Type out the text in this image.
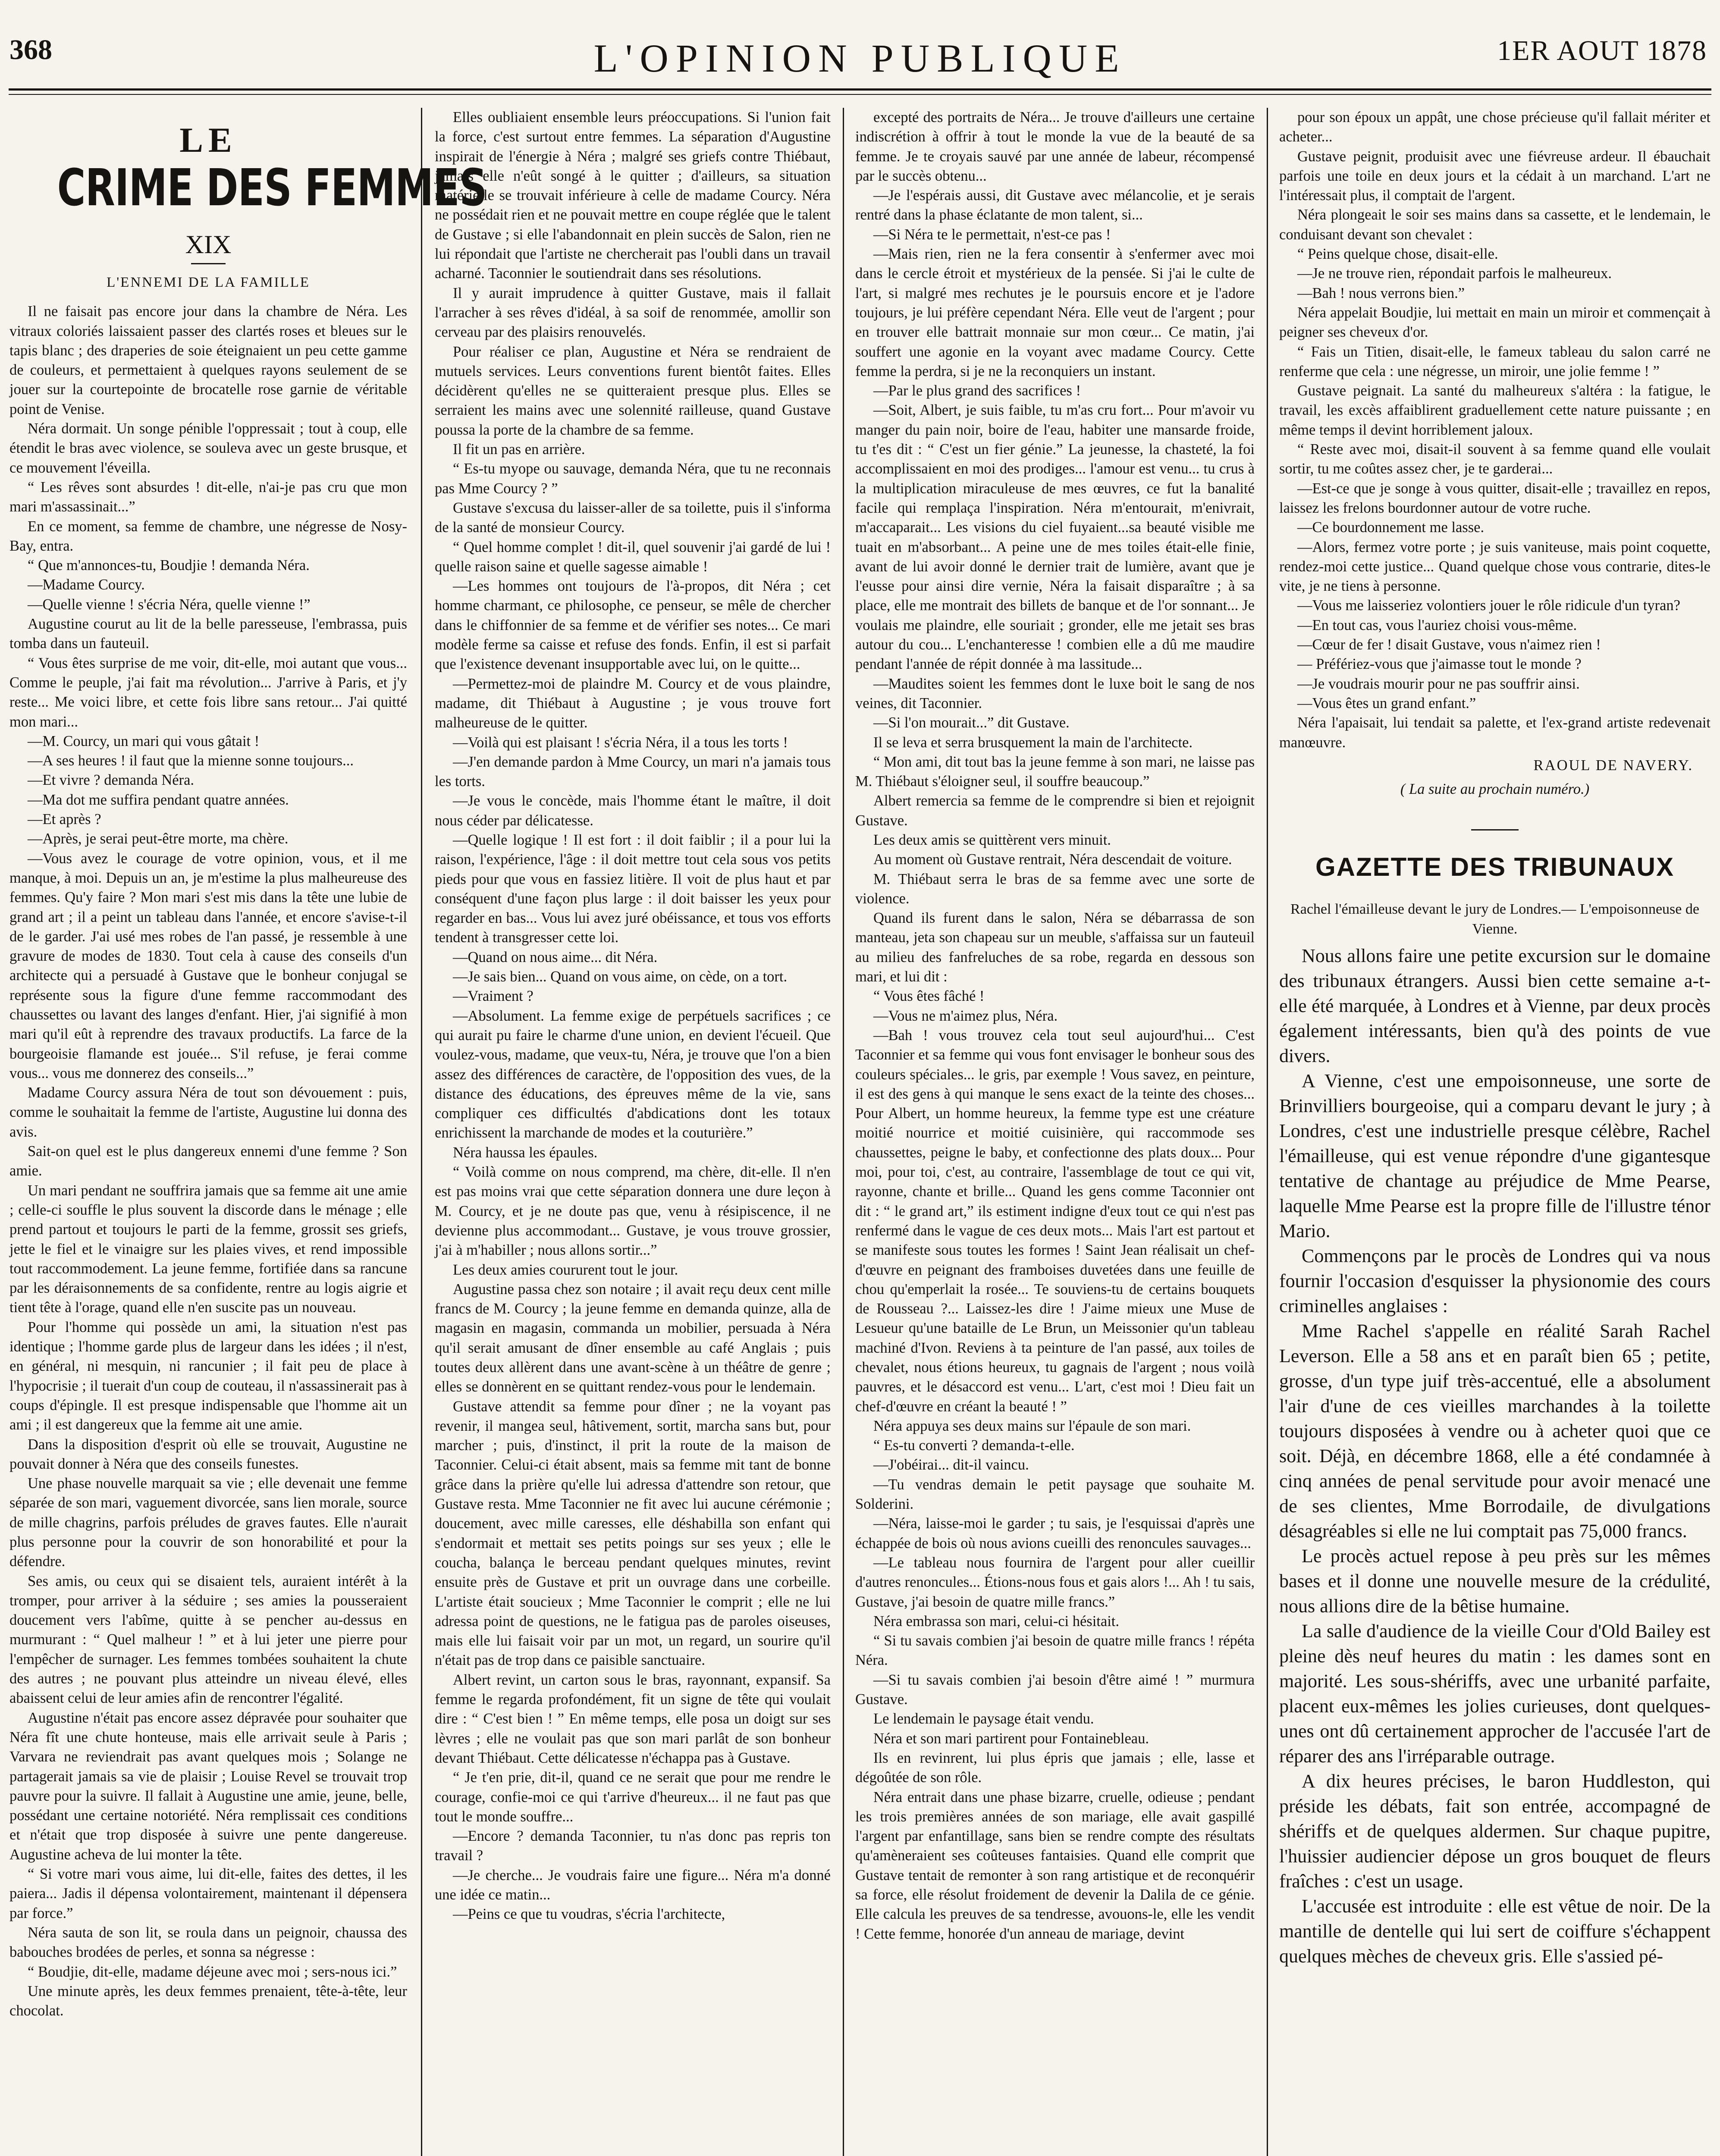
368	L'OPINION PUBLIQUE	1ER AOUT 1878
LE
CRIME DES FEMMES
XIX
L'ENNEMI DE LA FAMILLE

Il ne faisait pas encore jour dans la chambre de Néra. Les vitraux coloriés laissaient passer des clartés roses et bleues sur le tapis blanc ; des draperies de soie éteignaient un peu cette gamme de couleurs, et permettaient à quelques rayons seulement de se jouer sur la courtepointe de brocatelle rose garnie de véritable point de Venise.

Néra dormait. Un songe pénible l'oppressait ; tout à coup, elle étendit le bras avec violence, se souleva avec un geste brusque, et ce mouvement l'éveilla.

“ Les rêves sont absurdes ! dit-elle, n'ai-je pas cru que mon mari m'assassinait...”

En ce moment, sa femme de chambre, une négresse de Nosy-Bay, entra.

“ Que m'annonces-tu, Boudjie ! demanda Néra.

—Madame Courcy.

—Quelle vienne ! s'écria Néra, quelle vienne !”

Augustine courut au lit de la belle paresseuse, l'embrassa, puis tomba dans un fauteuil.

“ Vous êtes surprise de me voir, dit-elle, moi autant que vous... Comme le peuple, j'ai fait ma révolution... J'arrive à Paris, et j'y reste... Me voici libre, et cette fois libre sans retour... J'ai quitté mon mari...

—M. Courcy, un mari qui vous gâtait !

—A ses heures ! il faut que la mienne sonne toujours...

—Et vivre ? demanda Néra.

—Ma dot me suffira pendant quatre années.

—Et après ?

—Après, je serai peut-être morte, ma chère.

—Vous avez le courage de votre opinion, vous, et il me manque, à moi. Depuis un an, je m'estime la plus malheureuse des femmes. Qu'y faire ? Mon mari s'est mis dans la tête une lubie de grand art ; il a peint un tableau dans l'année, et encore s'avise-t-il de le garder. J'ai usé mes robes de l'an passé, je ressemble à une gravure de modes de 1830. Tout cela à cause des conseils d'un architecte qui a persuadé à Gustave que le bonheur conjugal se représente sous la figure d'une femme raccommodant des chaussettes ou lavant des langes d'enfant. Hier, j'ai signifié à mon mari qu'il eût à reprendre des travaux productifs. La farce de la bourgeoisie flamande est jouée... S'il refuse, je ferai comme vous... vous me donnerez des conseils...”

Madame Courcy assura Néra de tout son dévouement : puis, comme le souhaitait la femme de l'artiste, Augustine lui donna des avis.

Sait-on quel est le plus dangereux ennemi d'une femme ? Son amie.

Un mari pendant ne souffrira jamais que sa femme ait une amie ; celle-ci souffle le plus souvent la discorde dans le ménage ; elle prend partout et toujours le parti de la femme, grossit ses griefs, jette le fiel et le vinaigre sur les plaies vives, et rend impossible tout raccommodement. La jeune femme, fortifiée dans sa rancune par les déraisonnements de sa confidente, rentre au logis aigrie et tient tête à l'orage, quand elle n'en suscite pas un nouveau.

Pour l'homme qui possède un ami, la situation n'est pas identique ; l'homme garde plus de largeur dans les idées ; il n'est, en général, ni mesquin, ni rancunier ; il fait peu de place à l'hypocrisie ; il tuerait d'un coup de couteau, il n'assassinerait pas à coups d'épingle. Il est presque indispensable que l'homme ait un ami ; il est dangereux que la femme ait une amie.

Dans la disposition d'esprit où elle se trouvait, Augustine ne pouvait donner à Néra que des conseils funestes.

Une phase nouvelle marquait sa vie ; elle devenait une femme séparée de son mari, vaguement divorcée, sans lien morale, source de mille chagrins, parfois préludes de graves fautes. Elle n'aurait plus personne pour la couvrir de son honorabilité et pour la défendre.

Ses amis, ou ceux qui se disaient tels, auraient intérêt à la tromper, pour arriver à la séduire ; ses amies la pousseraient doucement vers l'abîme, quitte à se pencher au-dessus en murmurant : “ Quel malheur ! ” et à lui jeter une pierre pour l'empêcher de surnager. Les femmes tombées souhaitent la chute des autres ; ne pouvant plus atteindre un niveau élevé, elles abaissent celui de leur amies afin de rencontrer l'égalité.

Augustine n'était pas encore assez dépravée pour souhaiter que Néra fît une chute honteuse, mais elle arrivait seule à Paris ; Varvara ne reviendrait pas avant quelques mois ; Solange ne partagerait jamais sa vie de plaisir ; Louise Revel se trouvait trop pauvre pour la suivre. Il fallait à Augustine une amie, jeune, belle, possédant une certaine notoriété. Néra remplissait ces conditions et n'était que trop disposée à suivre une pente dangereuse. Augustine acheva de lui monter la tête.

“ Si votre mari vous aime, lui dit-elle, faites des dettes, il les paiera... Jadis il dépensa volontairement, maintenant il dépensera par force.”

Néra sauta de son lit, se roula dans un peignoir, chaussa des babouches brodées de perles, et sonna sa négresse :

“ Boudjie, dit-elle, madame déjeune avec moi ; sers-nous ici.”

Une minute après, les deux femmes prenaient, tête-à-tête, leur chocolat.

Elles oubliaient ensemble leurs préoccupations. Si l'union fait la force, c'est surtout entre femmes. La séparation d'Augustine inspirait de l'énergie à Néra ; malgré ses griefs contre Thiébaut, jamais elle n'eût songé à le quitter ; d'ailleurs, sa situation matérielle se trouvait inférieure à celle de madame Courcy. Néra ne possédait rien et ne pouvait mettre en coupe réglée que le talent de Gustave ; si elle l'abandonnait en plein succès de Salon, rien ne lui répondait que l'artiste ne chercherait pas l'oubli dans un travail acharné. Taconnier le soutiendrait dans ses résolutions.

Il y aurait imprudence à quitter Gustave, mais il fallait l'arracher à ses rêves d'idéal, à sa soif de renommée, amollir son cerveau par des plaisirs renouvelés.

Pour réaliser ce plan, Augustine et Néra se rendraient de mutuels services. Leurs conventions furent bientôt faites. Elles décidèrent qu'elles ne se quitteraient presque plus. Elles se serraient les mains avec une solennité railleuse, quand Gustave poussa la porte de la chambre de sa femme.

Il fit un pas en arrière.

“ Es-tu myope ou sauvage, demanda Néra, que tu ne reconnais pas Mme Courcy ? ”

Gustave s'excusa du laisser-aller de sa toilette, puis il s'informa de la santé de monsieur Courcy.

“ Quel homme complet ! dit-il, quel souvenir j'ai gardé de lui ! quelle raison saine et quelle sagesse aimable !

—Les hommes ont toujours de l'à-propos, dit Néra ; cet homme charmant, ce philosophe, ce penseur, se mêle de chercher dans le chiffonnier de sa femme et de vérifier ses notes... Ce mari modèle ferme sa caisse et refuse des fonds. Enfin, il est si parfait que l'existence devenant insupportable avec lui, on le quitte...

—Permettez-moi de plaindre M. Courcy et de vous plaindre, madame, dit Thiébaut à Augustine ; je vous trouve fort malheureuse de le quitter.

—Voilà qui est plaisant ! s'écria Néra, il a tous les torts !

—J'en demande pardon à Mme Courcy, un mari n'a jamais tous les torts.

—Je vous le concède, mais l'homme étant le maître, il doit nous céder par délicatesse.

—Quelle logique ! Il est fort : il doit faiblir ; il a pour lui la raison, l'expérience, l'âge : il doit mettre tout cela sous vos petits pieds pour que vous en fassiez litière. Il voit de plus haut et par conséquent d'une façon plus large : il doit baisser les yeux pour regarder en bas... Vous lui avez juré obéissance, et tous vos efforts tendent à transgresser cette loi.

—Quand on nous aime... dit Néra.

—Je sais bien... Quand on vous aime, on cède, on a tort.

—Vraiment ?

—Absolument. La femme exige de perpétuels sacrifices ; ce qui aurait pu faire le charme d'une union, en devient l'écueil. Que voulez-vous, madame, que veux-tu, Néra, je trouve que l'on a bien assez des différences de caractère, de l'opposition des vues, de la distance des éducations, des épreuves même de la vie, sans compliquer ces difficultés d'abdications dont les totaux enrichissent la marchande de modes et la couturière.”

Néra haussa les épaules.

“ Voilà comme on nous comprend, ma chère, dit-elle. Il n'en est pas moins vrai que cette séparation donnera une dure leçon à M. Courcy, et je ne doute pas que, venu à résipiscence, il ne devienne plus accommodant... Gustave, je vous trouve grossier, j'ai à m'habiller ; nous allons sortir...”

Les deux amies coururent tout le jour.

Augustine passa chez son notaire ; il avait reçu deux cent mille francs de M. Courcy ; la jeune femme en demanda quinze, alla de magasin en magasin, commanda un mobilier, persuada à Néra qu'il serait amusant de dîner ensemble au café Anglais ; puis toutes deux allèrent dans une avant-scène à un théâtre de genre ; elles se donnèrent en se quittant rendez-vous pour le lendemain.

Gustave attendit sa femme pour dîner ; ne la voyant pas revenir, il mangea seul, hâtivement, sortit, marcha sans but, pour marcher ; puis, d'instinct, il prit la route de la maison de Taconnier. Celui-ci était absent, mais sa femme mit tant de bonne grâce dans la prière qu'elle lui adressa d'attendre son retour, que Gustave resta. Mme Taconnier ne fit avec lui aucune cérémonie ; doucement, avec mille caresses, elle déshabilla son enfant qui s'endormait et mettait ses petits poings sur ses yeux ; elle le coucha, balança le berceau pendant quelques minutes, revint ensuite près de Gustave et prit un ouvrage dans une corbeille. L'artiste était soucieux ; Mme Taconnier le comprit ; elle ne lui adressa point de questions, ne le fatigua pas de paroles oiseuses, mais elle lui faisait voir par un mot, un regard, un sourire qu'il n'était pas de trop dans ce paisible sanctuaire.

Albert revint, un carton sous le bras, rayonnant, expansif. Sa femme le regarda profondément, fit un signe de tête qui voulait dire : “ C'est bien ! ” En même temps, elle posa un doigt sur ses lèvres ; elle ne voulait pas que son mari parlât de son bonheur devant Thiébaut. Cette délicatesse n'échappa pas à Gustave.

“ Je t'en prie, dit-il, quand ce ne serait que pour me rendre le courage, confie-moi ce qui t'arrive d'heureux... il ne faut pas que tout le monde souffre...

—Encore ? demanda Taconnier, tu n'as donc pas repris ton travail ?

—Je cherche... Je voudrais faire une figure... Néra m'a donné une idée ce matin...

—Peins ce que tu voudras, s'écria l'architecte,

excepté des portraits de Néra... Je trouve d'ailleurs une certaine indiscrétion à offrir à tout le monde la vue de la beauté de sa femme. Je te croyais sauvé par une année de labeur, récompensé par le succès obtenu...

—Je l'espérais aussi, dit Gustave avec mélancolie, et je serais rentré dans la phase éclatante de mon talent, si...

—Si Néra te le permettait, n'est-ce pas !

—Mais rien, rien ne la fera consentir à s'enfermer avec moi dans le cercle étroit et mystérieux de la pensée. Si j'ai le culte de l'art, si malgré mes rechutes je le poursuis encore et je l'adore toujours, je lui préfère cependant Néra. Elle veut de l'argent ; pour en trouver elle battrait monnaie sur mon cœur... Ce matin, j'ai souffert une agonie en la voyant avec madame Courcy. Cette femme la perdra, si je ne la reconquiers un instant.

—Par le plus grand des sacrifices !

—Soit, Albert, je suis faible, tu m'as cru fort... Pour m'avoir vu manger du pain noir, boire de l'eau, habiter une mansarde froide, tu t'es dit : “ C'est un fier génie.” La jeunesse, la chasteté, la foi accomplissaient en moi des prodiges... l'amour est venu... tu crus à la multiplication miraculeuse de mes œuvres, ce fut la banalité facile qui remplaça l'inspiration. Néra m'entourait, m'enivrait, m'accaparait... Les visions du ciel fuyaient...sa beauté visible me tuait en m'absorbant... A peine une de mes toiles était-elle finie, avant de lui avoir donné le dernier trait de lumière, avant que je l'eusse pour ainsi dire vernie, Néra la faisait disparaître ; à sa place, elle me montrait des billets de banque et de l'or sonnant... Je voulais me plaindre, elle souriait ; gronder, elle me jetait ses bras autour du cou... L'enchanteresse ! combien elle a dû me maudire pendant l'année de répit donnée à ma lassitude...

—Maudites soient les femmes dont le luxe boit le sang de nos veines, dit Taconnier.

—Si l'on mourait...” dit Gustave.

Il se leva et serra brusquement la main de l'architecte.

“ Mon ami, dit tout bas la jeune femme à son mari, ne laisse pas M. Thiébaut s'éloigner seul, il souffre beaucoup.”

Albert remercia sa femme de le comprendre si bien et rejoignit Gustave.

Les deux amis se quittèrent vers minuit.

Au moment où Gustave rentrait, Néra descendait de voiture.

M. Thiébaut serra le bras de sa femme avec une sorte de violence.

Quand ils furent dans le salon, Néra se débarrassa de son manteau, jeta son chapeau sur un meuble, s'affaissa sur un fauteuil au milieu des fanfreluches de sa robe, regarda en dessous son mari, et lui dit :

“ Vous êtes fâché !

—Vous ne m'aimez plus, Néra.

—Bah ! vous trouvez cela tout seul aujourd'hui... C'est Taconnier et sa femme qui vous font envisager le bonheur sous des couleurs spéciales... le gris, par exemple ! Vous savez, en peinture, il est des gens à qui manque le sens exact de la teinte des choses... Pour Albert, un homme heureux, la femme type est une créature moitié nourrice et moitié cuisinière, qui raccommode ses chaussettes, peigne le baby, et confectionne des plats doux... Pour moi, pour toi, c'est, au contraire, l'assemblage de tout ce qui vit, rayonne, chante et brille... Quand les gens comme Taconnier ont dit : “ le grand art,” ils estiment indigne d'eux tout ce qui n'est pas renfermé dans le vague de ces deux mots... Mais l'art est partout et se manifeste sous toutes les formes ! Saint Jean réalisait un chef-d'œuvre en peignant des framboises duvetées dans une feuille de chou qu'emperlait la rosée... Te souviens-tu de certains bouquets de Rousseau ?... Laissez-les dire ! J'aime mieux une Muse de Lesueur qu'une bataille de Le Brun, un Meissonier qu'un tableau machiné d'Ivon. Reviens à ta peinture de l'an passé, aux toiles de chevalet, nous étions heureux, tu gagnais de l'argent ; nous voilà pauvres, et le désaccord est venu... L'art, c'est moi ! Dieu fait un chef-d'œuvre en créant la beauté ! ”

Néra appuya ses deux mains sur l'épaule de son mari.

“ Es-tu converti ? demanda-t-elle.

—J'obéirai... dit-il vaincu.

—Tu vendras demain le petit paysage que souhaite M. Solderini.

—Néra, laisse-moi le garder ; tu sais, je l'esquissai d'après une échappée de bois où nous avions cueilli des renoncules sauvages...

—Le tableau nous fournira de l'argent pour aller cueillir d'autres renoncules... Étions-nous fous et gais alors !... Ah ! tu sais, Gustave, j'ai besoin de quatre mille francs.”

Néra embrassa son mari, celui-ci hésitait.

“ Si tu savais combien j'ai besoin de quatre mille francs ! répéta Néra.

—Si tu savais combien j'ai besoin d'être aimé ! ” murmura Gustave.

Le lendemain le paysage était vendu.

Néra et son mari partirent pour Fontainebleau.

Ils en revinrent, lui plus épris que jamais ; elle, lasse et dégoûtée de son rôle.

Néra entrait dans une phase bizarre, cruelle, odieuse ; pendant les trois premières années de son mariage, elle avait gaspillé l'argent par enfantillage, sans bien se rendre compte des résultats qu'amèneraient ses coûteuses fantaisies. Quand elle comprit que Gustave tentait de remonter à son rang artistique et de reconquérir sa force, elle résolut froidement de devenir la Dalila de ce génie. Elle calcula les preuves de sa tendresse, avouons-le, elle les vendit ! Cette femme, honorée d'un anneau de mariage, devint

pour son époux un appât, une chose précieuse qu'il fallait mériter et acheter...

Gustave peignit, produisit avec une fiévreuse ardeur. Il ébauchait parfois une toile en deux jours et la cédait à un marchand. L'art ne l'intéressait plus, il comptait de l'argent.

Néra plongeait le soir ses mains dans sa cassette, et le lendemain, le conduisant devant son chevalet :

“ Peins quelque chose, disait-elle.

—Je ne trouve rien, répondait parfois le malheureux.

—Bah ! nous verrons bien.”

Néra appelait Boudjie, lui mettait en main un miroir et commençait à peigner ses cheveux d'or.

“ Fais un Titien, disait-elle, le fameux tableau du salon carré ne renferme que cela : une négresse, un miroir, une jolie femme ! ”

Gustave peignait. La santé du malheureux s'altéra : la fatigue, le travail, les excès affaiblirent graduellement cette nature puissante ; en même temps il devint horriblement jaloux.

“ Reste avec moi, disait-il souvent à sa femme quand elle voulait sortir, tu me coûtes assez cher, je te garderai...

—Est-ce que je songe à vous quitter, disait-elle ; travaillez en repos, laissez les frelons bourdonner autour de votre ruche.

—Ce bourdonnement me lasse.

—Alors, fermez votre porte ; je suis vaniteuse, mais point coquette, rendez-moi cette justice... Quand quelque chose vous contrarie, dites-le vite, je ne tiens à personne.

—Vous me laisseriez volontiers jouer le rôle ridicule d'un tyran?

—En tout cas, vous l'auriez choisi vous-même.

—Cœur de fer ! disait Gustave, vous n'aimez rien !

— Préfériez-vous que j'aimasse tout le monde ?

—Je voudrais mourir pour ne pas souffrir ainsi.

—Vous êtes un grand enfant.”

Néra l'apaisait, lui tendait sa palette, et l'ex-grand artiste redevenait manœuvre.

RAOUL DE NAVERY.

( La suite au prochain numéro.)

GAZETTE DES TRIBUNAUX

Rachel l'émailleuse devant le jury de Londres.— L'empoisonneuse de Vienne.

Nous allons faire une petite excursion sur le domaine des tribunaux étrangers. Aussi bien cette semaine a-t-elle été marquée, à Londres et à Vienne, par deux procès également intéressants, bien qu'à des points de vue divers.

A Vienne, c'est une empoisonneuse, une sorte de Brinvilliers bourgeoise, qui a comparu devant le jury ; à Londres, c'est une industrielle presque célèbre, Rachel l'émailleuse, qui est venue répondre d'une gigantesque tentative de chantage au préjudice de Mme Pearse, laquelle Mme Pearse est la propre fille de l'illustre ténor Mario.

Commençons par le procès de Londres qui va nous fournir l'occasion d'esquisser la physionomie des cours criminelles anglaises :

Mme Rachel s'appelle en réalité Sarah Rachel Leverson. Elle a 58 ans et en paraît bien 65 ; petite, grosse, d'un type juif très-accentué, elle a absolument l'air d'une de ces vieilles marchandes à la toilette toujours disposées à vendre ou à acheter quoi que ce soit. Déjà, en décembre 1868, elle a été condamnée à cinq années de penal servitude pour avoir menacé une de ses clientes, Mme Borrodaile, de divulgations désagréables si elle ne lui comptait pas 75,000 francs.

Le procès actuel repose à peu près sur les mêmes bases et il donne une nouvelle mesure de la crédulité, nous allions dire de la bêtise humaine.

La salle d'audience de la vieille Cour d'Old Bailey est pleine dès neuf heures du matin : les dames sont en majorité. Les sous-shériffs, avec une urbanité parfaite, placent eux-mêmes les jolies curieuses, dont quelques-unes ont dû certainement approcher de l'accusée l'art de réparer des ans l'irréparable outrage.

A dix heures précises, le baron Huddleston, qui préside les débats, fait son entrée, accompagné de shériffs et de quelques aldermen. Sur chaque pupitre, l'huissier audiencier dépose un gros bouquet de fleurs fraîches : c'est un usage.

L'accusée est introduite : elle est vêtue de noir. De la mantille de dentelle qui lui sert de coiffure s'échappent quelques mèches de cheveux gris. Elle s'assied pé-
